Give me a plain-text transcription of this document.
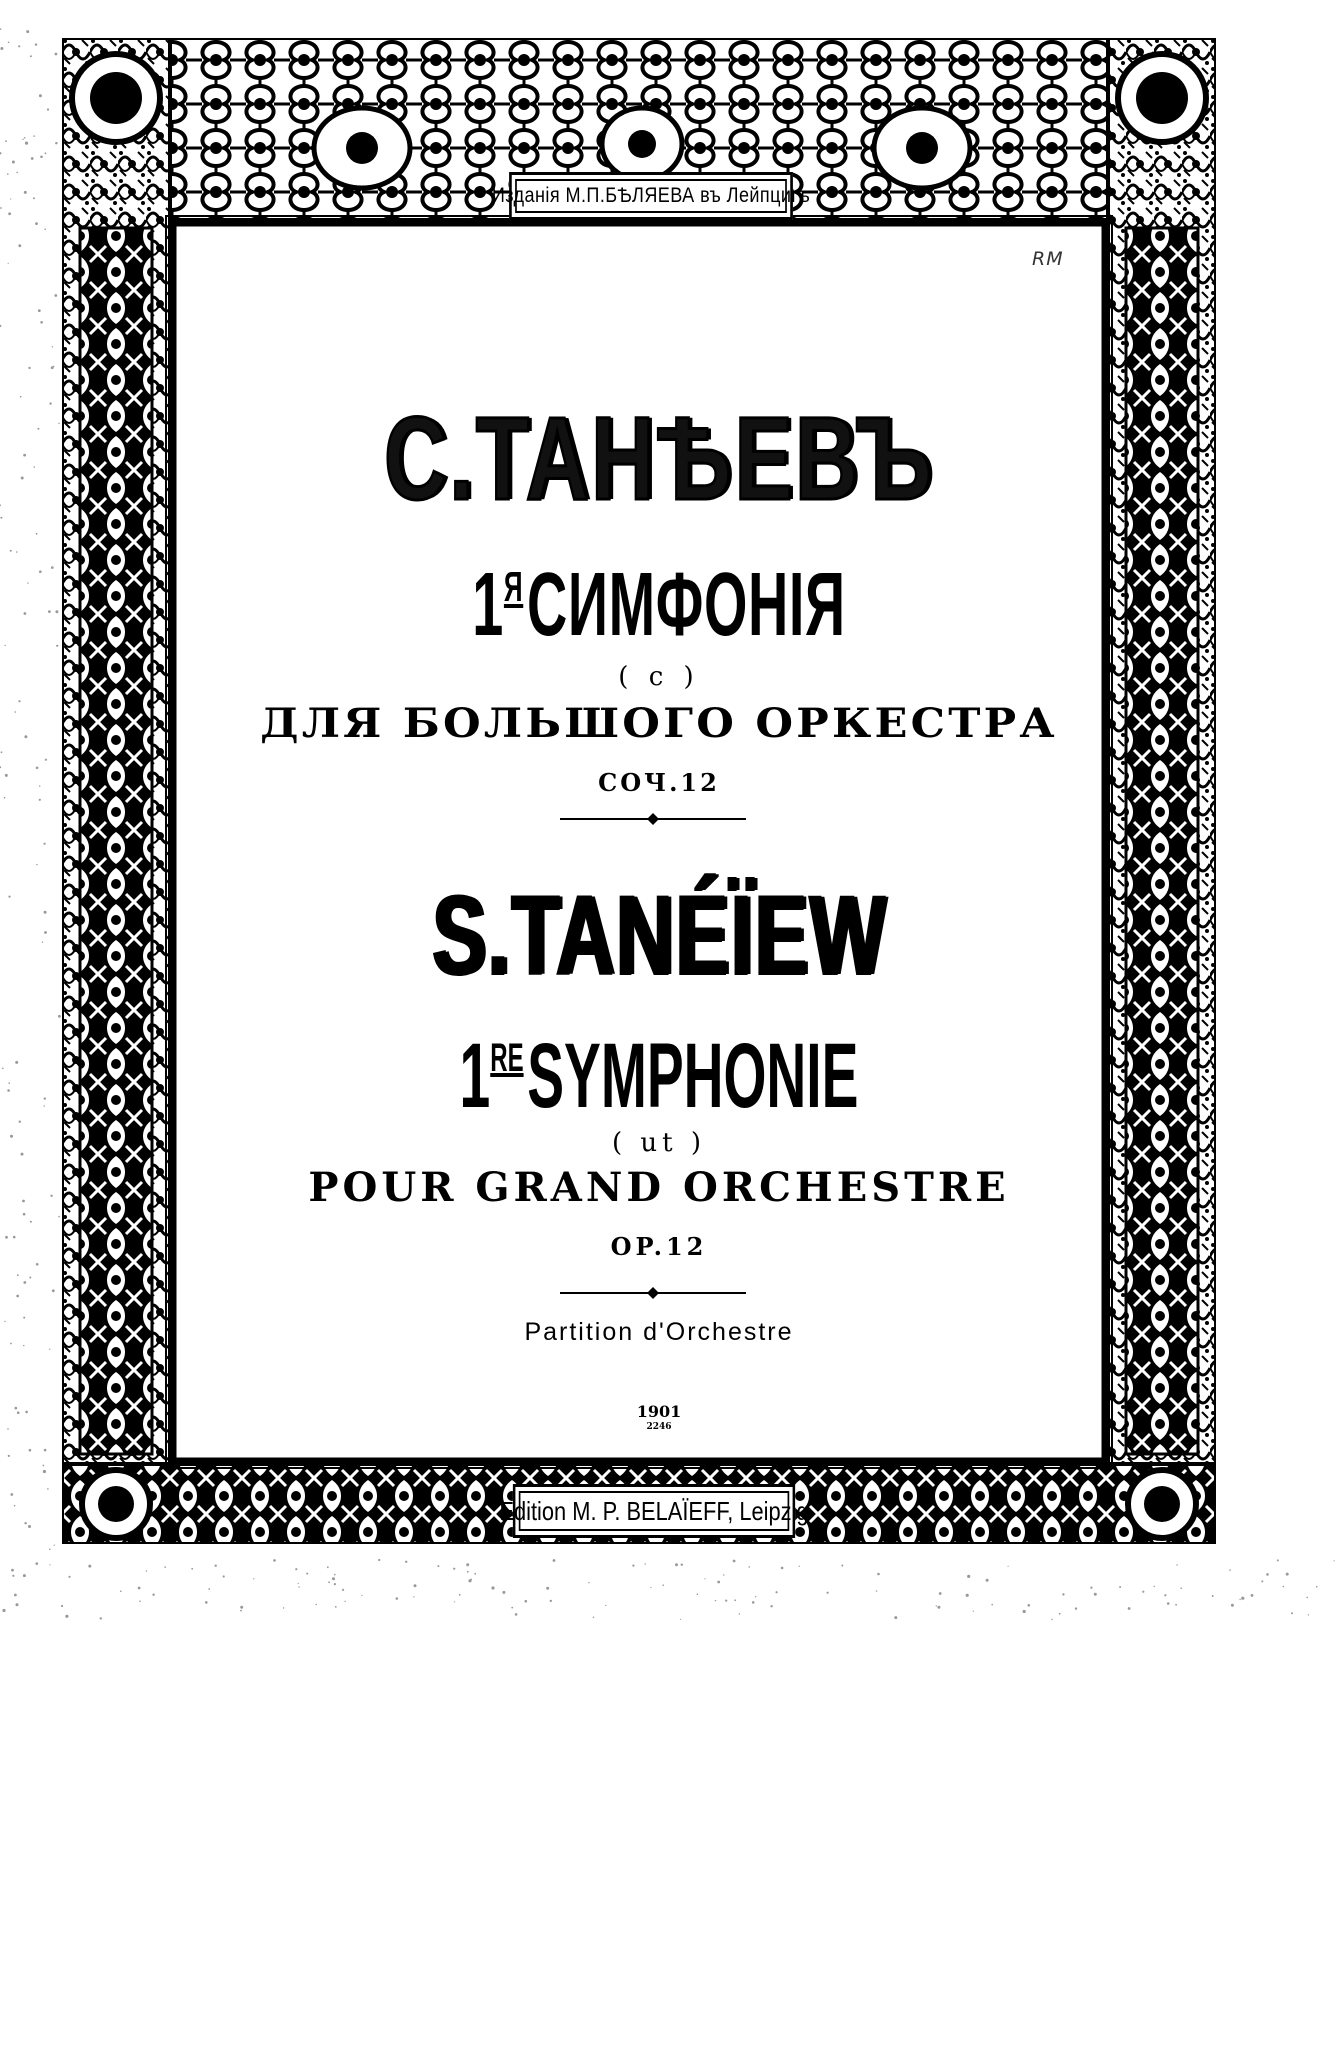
Изданія М.П.БѢЛЯЕВА въ Лейпцигъ
RM
С.ТАНѢЕВЪ
$1^ЯСИМФОНІЯ$
( c )
ДЛЯ БОЛЬШОГО ОРКЕСТРА
СОЧ.12
S.TANÉÏEW
1RESYMPHONIE
( ut )
POUR GRAND ORCHESTRE
OP.12
Partition d'Orchestre
1901
2246
Edition M. P. BELAÏEFF, Leipzig
